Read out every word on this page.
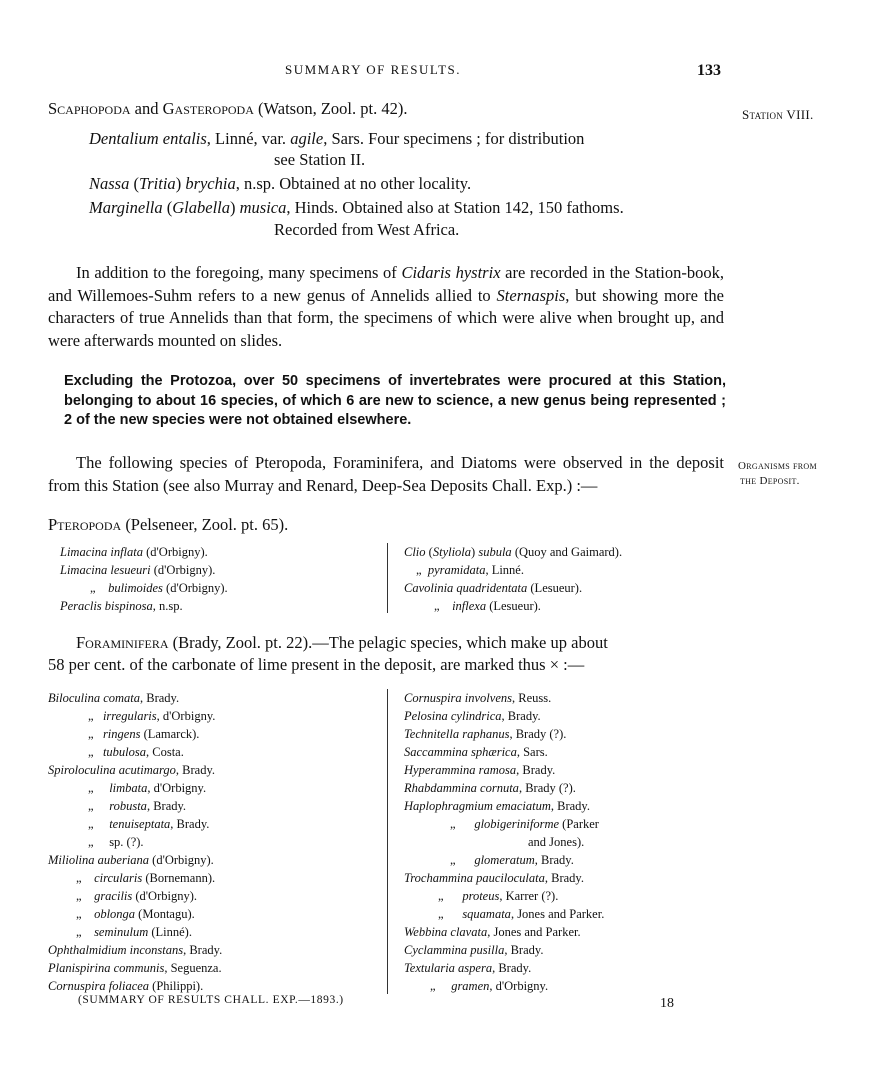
SUMMARY OF RESULTS.	133
Station VIII.
Organisms from
the Deposit.
Scaphopoda and Gasteropoda (Watson, Zool. pt. 42).
Dentalium entalis, Linné, var. agile, Sars. Four specimens ; for distribution
see Station II.
Nassa (Tritia) brychia, n.sp. Obtained at no other locality.
Marginella (Glabella) musica, Hinds. Obtained also at Station 142, 150 fathoms.
Recorded from West Africa.
In addition to the foregoing, many specimens of Cidaris hystrix are recorded in the Station-book, and Willemoes-Suhm refers to a new genus of Annelids allied to Sternaspis, but showing more the characters of true Annelids than that form, the specimens of which were alive when brought up, and were afterwards mounted on slides.
Excluding the Protozoa, over 50 specimens of invertebrates were procured at this Station, belonging to about 16 species, of which 6 are new to science, a new genus being represented ; 2 of the new species were not obtained elsewhere.
The following species of Pteropoda, Foraminifera, and Diatoms were observed in the deposit from this Station (see also Murray and Renard, Deep-Sea Deposits Chall. Exp.) :—
Pteropoda (Pelseneer, Zool. pt. 65).
Limacina inflata (d'Orbigny).
Limacina lesueuri (d'Orbigny).
„ bulimoides (d'Orbigny).
Peraclis bispinosa, n.sp.
Clio (Styliola) subula (Quoy and Gaimard).
„ pyramidata, Linné.
Cavolinia quadridentata (Lesueur).
„ inflexa (Lesueur).
Foraminifera (Brady, Zool. pt. 22).—The pelagic species, which make up about
58 per cent. of the carbonate of lime present in the deposit, are marked thus × :—
Biloculina comata, Brady.
„ irregularis, d'Orbigny.
„ ringens (Lamarck).
„ tubulosa, Costa.
Spiroloculina acutimargo, Brady.
„ limbata, d'Orbigny.
„ robusta, Brady.
„ tenuiseptata, Brady.
„ sp. (?).
Miliolina auberiana (d'Orbigny).
„ circularis (Bornemann).
„ gracilis (d'Orbigny).
„ oblonga (Montagu).
„ seminulum (Linné).
Ophthalmidium inconstans, Brady.
Planispirina communis, Seguenza.
Cornuspira foliacea (Philippi).
Cornuspira involvens, Reuss.
Pelosina cylindrica, Brady.
Technitella raphanus, Brady (?).
Saccammina sphærica, Sars.
Hyperammina ramosa, Brady.
Rhabdammina cornuta, Brady (?).
Haplophragmium emaciatum, Brady.
„ globigeriniforme (Parker
and Jones).
„ glomeratum, Brady.
Trochammina pauciloculata, Brady.
„ proteus, Karrer (?).
„ squamata, Jones and Parker.
Webbina clavata, Jones and Parker.
Cyclammina pusilla, Brady.
Textularia aspera, Brady.
„ gramen, d'Orbigny.
(SUMMARY OF RESULTS CHALL. EXP.—1893.)	18
